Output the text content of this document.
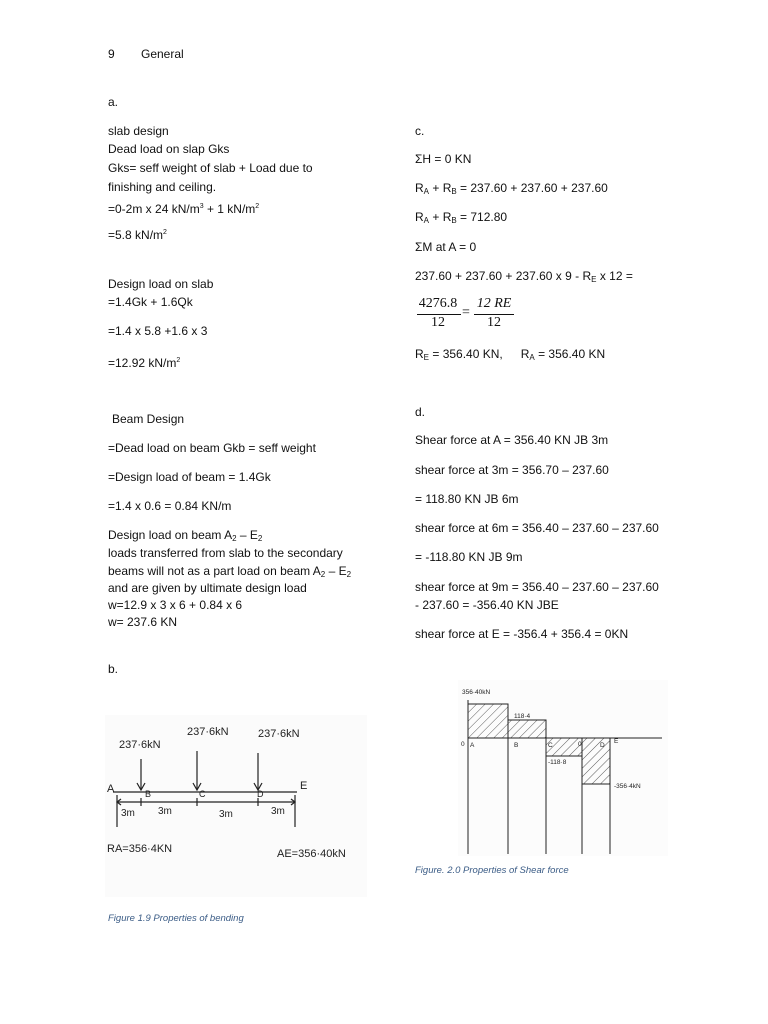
9 General
a.
slab design
Dead load on slap Gks
Gks= seff weight of slab + Load due to
finishing and ceiling.
=0-2m x 24 $kN/m^3 + 1$ $kN/m^2$
=5.8 $kN/m^2$
Design load on slab
=1.4Gk + 1.6Qk
=1.4 x 5.8 +1.6 x 3
=12.92 $kN/m^2$
Beam Design
=Dead load on beam Gkb = seff weight
=Design load of beam = 1.4Gk
=1.4 x 0.6 = 0.84 KN/m
Design load on beam $A_2 - E_2$
loads transferred from slab to the secondary
beams will not as a part load on beam $A_2 - E_2$
and are given by ultimate design load
w=12.9 x 3 x 6 + 0.84 x 6
w= 237.6 KN
b.
237·6kN
237·6kN	237·6kN
A	B	C	D
E
3m 3m	3m	3m
RA=356·4KN	AE=356·40kN
Figure 1.9 Properties of bending
c.
ΣH = 0 KN
$R_A + R_B = 237.60 + 237.60 + 237.60$
$R_A + R_B = 712.80$
ΣM at A = 0
237.60 + 237.60 + 237.60 x $9 - R_E$ x 12 =
4276.8
12
=
12 RE
12
$R_E = 356.40$ KN, $R_A = 356.40$ KN
d.
Shear force at A = 356.40 KN JB 3m
shear force at 3m = 356.70 – 237.60
= 118.80 KN JB 6m
shear force at 6m = 356.40 – 237.60 – 237.60
= -118.80 KN JB 9m
shear force at 9m = 356.40 – 237.60 – 237.60
- 237.60 = -356.40 KN JBE
shear force at E = -356.4 + 356.4 = 0KN
356·40kN
118·4
-118·8
-356·4kN
0	0
A	B	C	D
E
Figure. 2.0 Properties of Shear force
